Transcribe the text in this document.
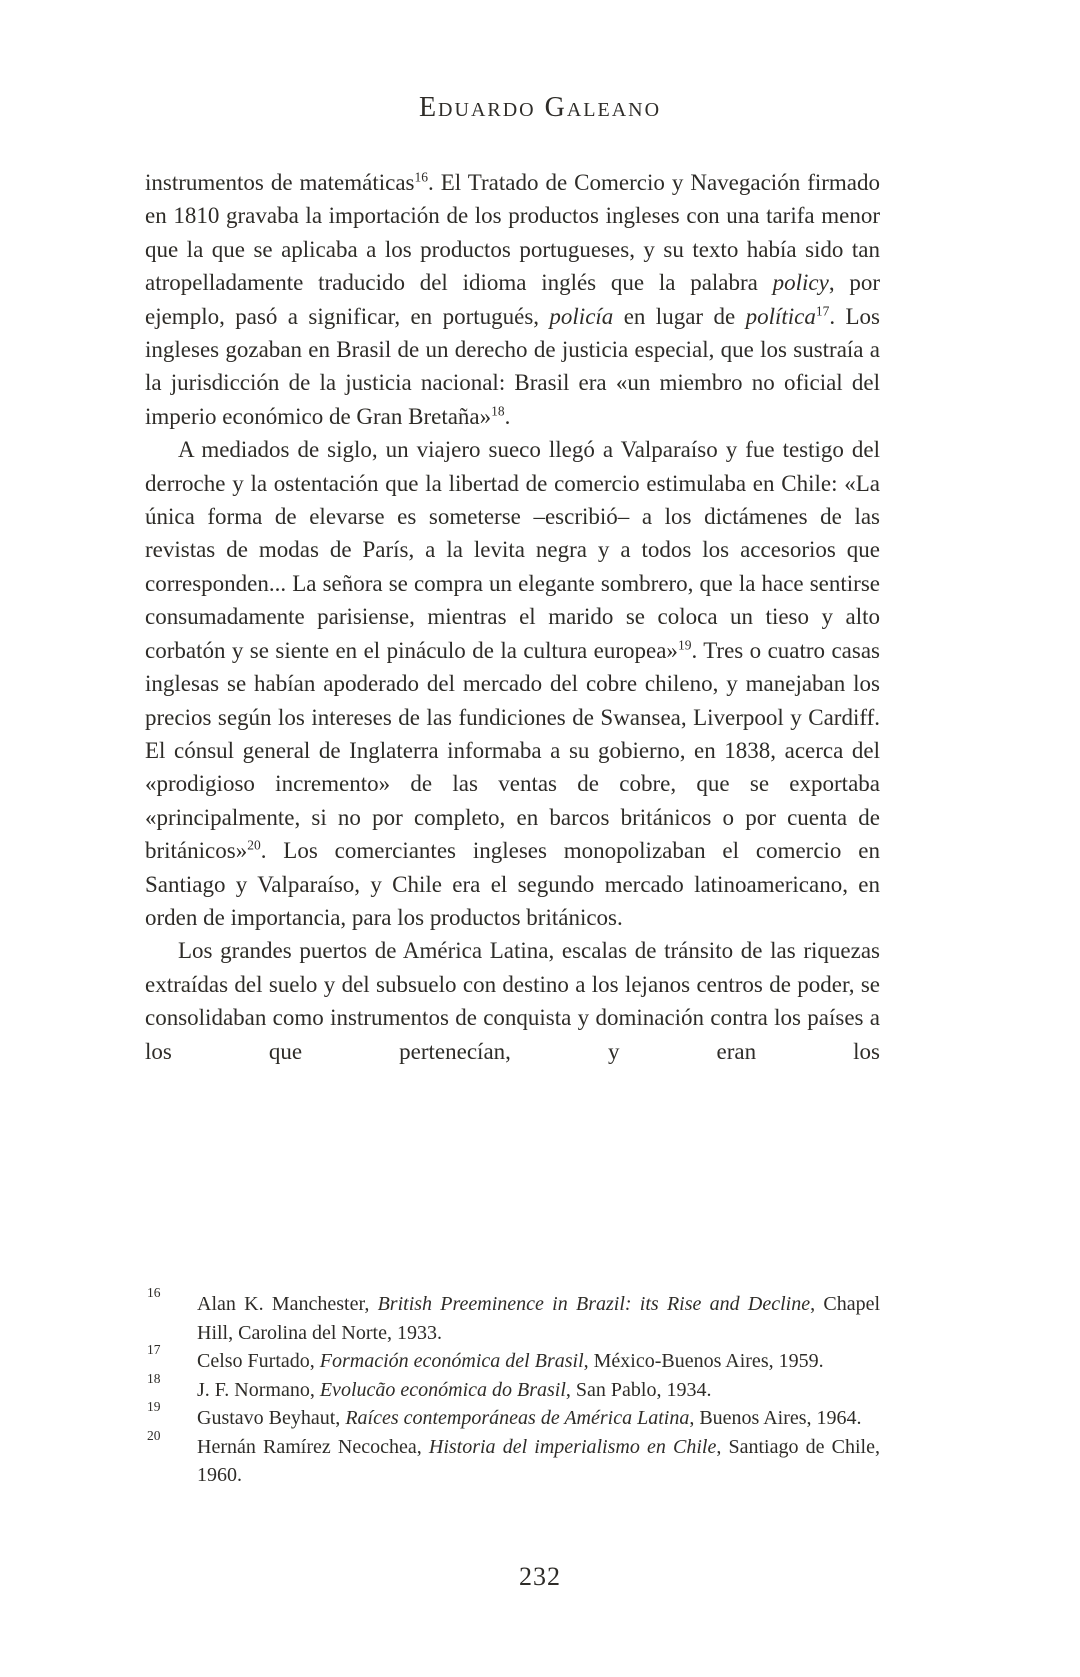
Eduardo Galeano

instrumentos de matemáticas$^{16}$. El Tratado de Comercio y Navegación firmado en 1810 gravaba la importación de los productos ingleses con una tarifa menor que la que se aplicaba a los productos portugueses, y su texto había sido tan atropelladamente traducido del idioma inglés que la palabra policy, por ejemplo, pasó a significar, en portugués, policía en lugar de política$^{17}$. Los ingleses gozaban en Brasil de un derecho de justicia especial, que los sustraía a la jurisdicción de la justicia nacional: Brasil era «un miembro no oficial del imperio económico de Gran Bretaña»$^{18}$.

A mediados de siglo, un viajero sueco llegó a Valparaíso y fue testigo del derroche y la ostentación que la libertad de comercio estimulaba en Chile: «La única forma de elevarse es someterse –escribió– a los dictámenes de las revistas de modas de París, a la levita negra y a todos los accesorios que corresponden... La señora se compra un elegante sombrero, que la hace sentirse consumadamente parisiense, mientras el marido se coloca un tieso y alto corbatón y se siente en el pináculo de la cultura europea»$^{19}$. Tres o cuatro casas inglesas se habían apoderado del mercado del cobre chileno, y manejaban los precios según los intereses de las fundiciones de Swansea, Liverpool y Cardiff. El cónsul general de Inglaterra informaba a su gobierno, en 1838, acerca del «prodigioso incremento» de las ventas de cobre, que se exportaba «principalmente, si no por completo, en barcos británicos o por cuenta de británicos»$^{20}$. Los comerciantes ingleses monopolizaban el comercio en Santiago y Valparaíso, y Chile era el segundo mercado latinoamericano, en orden de importancia, para los productos británicos.

Los grandes puertos de América Latina, escalas de tránsito de las riquezas extraídas del suelo y del subsuelo con destino a los lejanos centros de poder, se consolidaban como instrumentos de conquista y dominación contra los países a los que pertenecían, y eran los

16
Alan K. Manchester, British Preeminence in Brazil: its Rise and Decline, Chapel Hill, Carolina del Norte, 1933.

17
Celso Furtado, Formación económica del Brasil, México-Buenos Aires, 1959.

18
J. F. Normano, Evolucão económica do Brasil, San Pablo, 1934.

19
Gustavo Beyhaut, Raíces contemporáneas de América Latina, Buenos Aires, 1964.

20
Hernán Ramírez Necochea, Historia del imperialismo en Chile, Santiago de Chile, 1960.

232
